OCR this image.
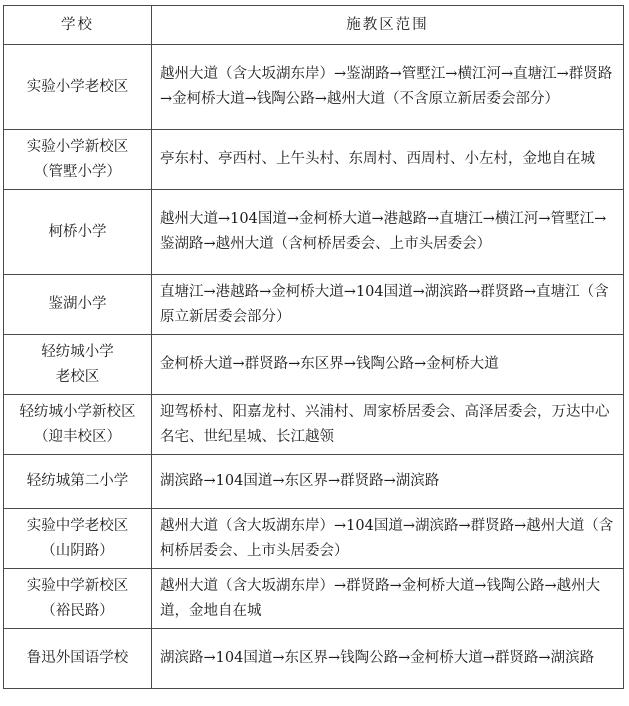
学校	施教区范围

实验小学老校区	越州大道（含大坂湖东岸）→鉴湖路→管墅江→横江河→直塘江→群贤路→金柯桥大道→钱陶公路→越州大道（不含原立新居委会部分）

实验小学新校区
（管墅小学）	亭东村、亭西村、上午头村、东周村、西周村、小左村，金地自在城

柯桥小学	越州大道→104国道→金柯桥大道→港越路→直塘江→横江河→管墅江→鉴湖路→越州大道（含柯桥居委会、上市头居委会）

鉴湖小学	直塘江→港越路→金柯桥大道→104国道→湖滨路→群贤路→直塘江（含原立新居委会部分）

轻纺城小学
老校区	金柯桥大道→群贤路→东区界→钱陶公路→金柯桥大道

轻纺城小学新校区（迎丰校区）	迎驾桥村、阳嘉龙村、兴浦村、周家桥居委会、高泽居委会，万达中心名宅、世纪星城、长江越领

轻纺城第二小学	湖滨路→104国道→东区界→群贤路→湖滨路

实验中学老校区
（山阴路）	越州大道（含大坂湖东岸）→104国道→湖滨路→群贤路→越州大道（含柯桥居委会、上市头居委会）

实验中学新校区
（裕民路）	越州大道（含大坂湖东岸）→群贤路→金柯桥大道→钱陶公路→越州大道，金地自在城

鲁迅外国语学校	湖滨路→104国道→东区界→钱陶公路→金柯桥大道→群贤路→湖滨路
